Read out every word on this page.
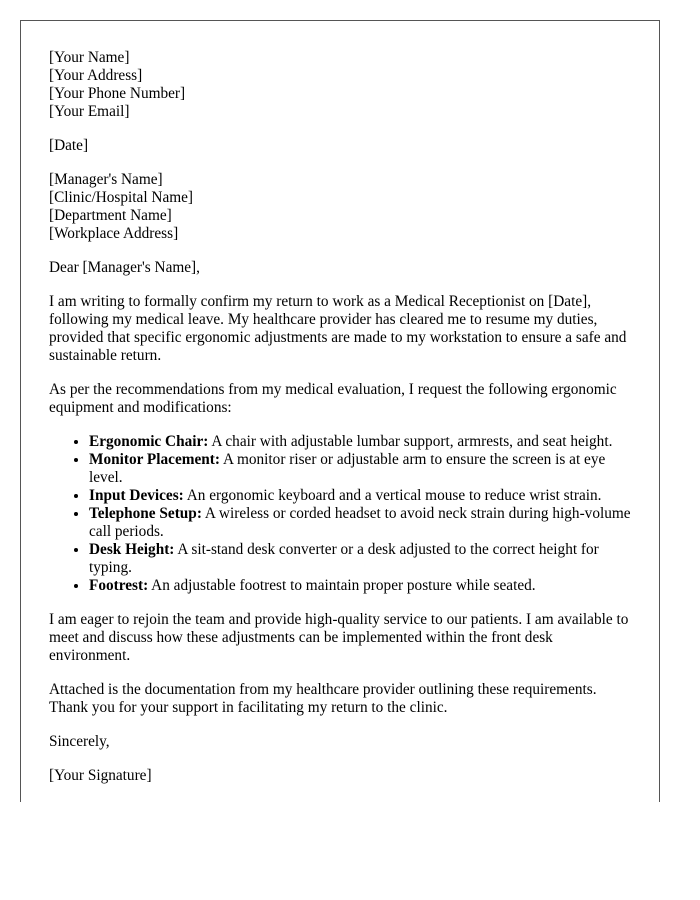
[Your Name]
[Your Address]
[Your Phone Number]
[Your Email]
[Date]
[Manager's Name]
[Clinic/Hospital Name]
[Department Name]
[Workplace Address]

Dear [Manager's Name],

I am writing to formally confirm my return to work as a Medical Receptionist on [Date], following my medical leave. My healthcare provider has cleared me to resume my duties, provided that specific ergonomic adjustments are made to my workstation to ensure a safe and sustainable return.

As per the recommendations from my medical evaluation, I request the following ergonomic equipment and modifications:

• Ergonomic Chair: A chair with adjustable lumbar support, armrests, and seat height.
• Monitor Placement: A monitor riser or adjustable arm to ensure the screen is at eye level.
• Input Devices: An ergonomic keyboard and a vertical mouse to reduce wrist strain.
• Telephone Setup: A wireless or corded headset to avoid neck strain during high-volume call periods.
• Desk Height: A sit-stand desk converter or a desk adjusted to the correct height for typing.
• Footrest: An adjustable footrest to maintain proper posture while seated.

I am eager to rejoin the team and provide high-quality service to our patients. I am available to meet and discuss how these adjustments can be implemented within the front desk environment.

Attached is the documentation from my healthcare provider outlining these requirements. Thank you for your support in facilitating my return to the clinic.

Sincerely,

[Your Signature]
